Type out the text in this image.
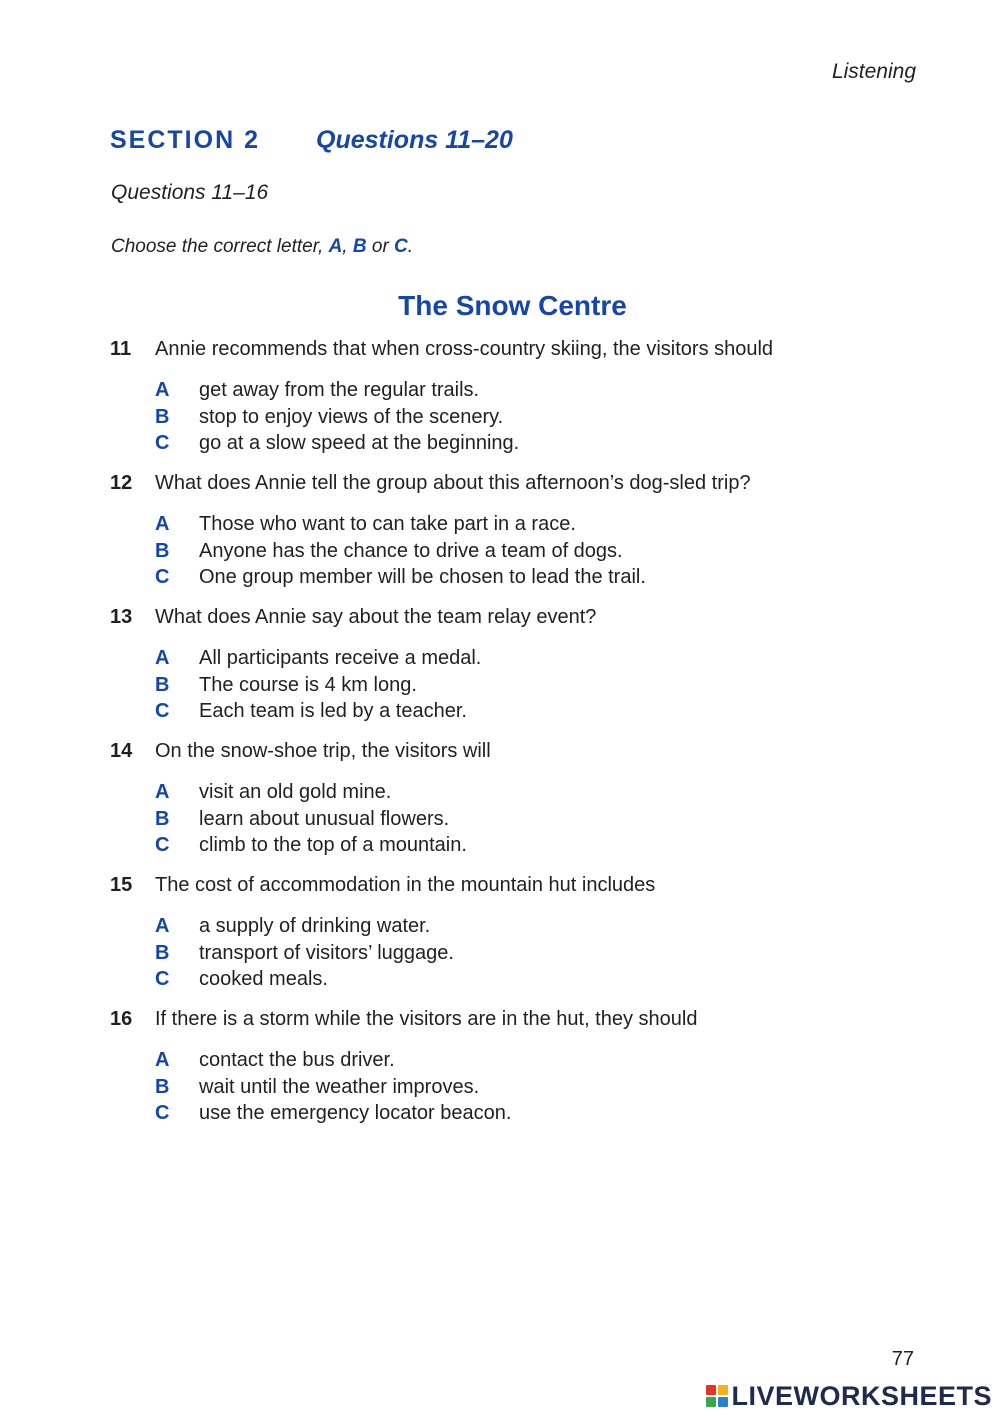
Listening
SECTION 2 Questions 11–20
Questions 11–16
Choose the correct letter, A, B or C.
The Snow Centre
11 Annie recommends that when cross-country skiing, the visitors should
A get away from the regular trails.
B stop to enjoy views of the scenery.
C go at a slow speed at the beginning.
12 What does Annie tell the group about this afternoon’s dog-sled trip?
A Those who want to can take part in a race.
B Anyone has the chance to drive a team of dogs.
C One group member will be chosen to lead the trail.
13 What does Annie say about the team relay event?
A All participants receive a medal.
B The course is 4 km long.
C Each team is led by a teacher.
14 On the snow-shoe trip, the visitors will
A visit an old gold mine.
B learn about unusual flowers.
C climb to the top of a mountain.
15 The cost of accommodation in the mountain hut includes
A a supply of drinking water.
B transport of visitors’ luggage.
C cooked meals.
16 If there is a storm while the visitors are in the hut, they should
A contact the bus driver.
B wait until the weather improves.
C use the emergency locator beacon.
77
LIVEWORKSHEETS
